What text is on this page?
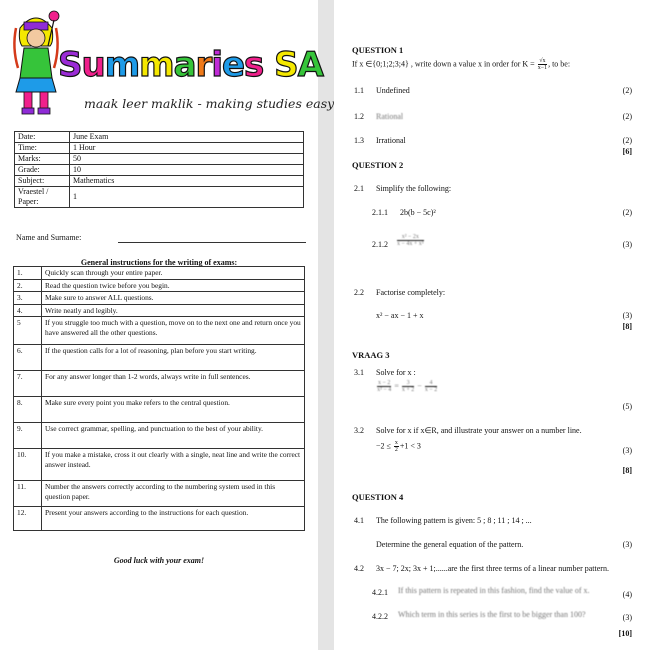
Summaries SA
maak leer maklik - making studies easy
Date:	June Exam
Time:	1 Hour
Marks:	50
Grade:	10
Subject:	Mathematics
Vraestel / Paper:	1
Name and Surname:
General instructions for the writing of exams:
1.	Quickly scan through your entire paper.
2.	Read the question twice before you begin.
3.	Make sure to answer ALL questions.
4.	Write neatly and legibly.
5	If you struggle too much with a question, move on to the next one and return once you have answered all the other questions.
6.	If the question calls for a lot of reasoning, plan before you start writing.
7.	For any answer longer than 1-2 words, always write in full sentences.
8.	Make sure every point you make refers to the central question.
9.	Use correct grammar, spelling, and punctuation to the best of your ability.
10.	If you make a mistake, cross it out clearly with a single, neat line and write the correct answer instead.
11.	Number the answers correctly according to the numbering system used in this question paper.
12.	Present your answers according to the instructions for each question.
Good luck with your exam!
QUESTION 1
If x ∈{0;1;2;3;4} , write down a value x in order for $K = \frac{√x}{x-1}$ , to be:
1.1 Undefined	(2)
1.2 Rational	(2)
1.3 Irrational	(2)
[6]
QUESTION 2
2.1 Simplify the following:
2.1.1 2b(b − 5c)²	(2)
$2.1.2 \frac{\text{x² − 2x}}{\text{x − 4x + x³}}$	(3)
2.2 Factorise completely:
x² − ax − 1 + x	(3)
[8]
VRAAG 3
3.1 Solve for x :
$\frac{x - 2}{\text{x² − 4}} = \frac{3}{x + 2} - \frac{4}{x - 2}$
(5)
3.2 Solve for x if x∈R, and illustrate your answer on a number line.
$-2 \le \frac{x}{2} +1 < 3$
(3)
[8]
QUESTION 4
4.1 The following pattern is given: 5 ; 8 ; 11 ; 14 ; ...
Determine the general equation of the pattern.	(3)
4.2 3x − 7; 2x; 3x + 1;......are the first three terms of a linear number pattern.
4.2.1 If this pattern is repeated in this fashion, find the value of x.	(4)
4.2.2 Which term in this series is the first to be bigger than 100?	(3)
[10]
